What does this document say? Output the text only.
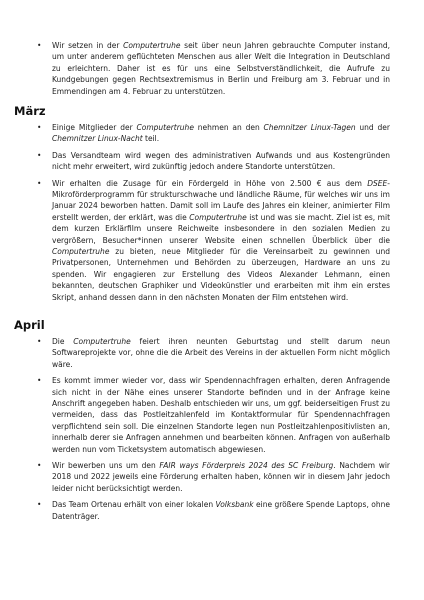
• Wir setzen in der Computertruhe seit über neun Jahren gebrauchte Computer instand, um unter anderem geflüchteten Menschen aus aller Welt die Integration in Deutschland zu erleichtern. Daher ist es für uns eine Selbstverständlichkeit, die Aufrufe zu Kundgebungen gegen Rechtsextremismus in Berlin und Freiburg am 3. Februar und in Emmendingen am 4. Februar zu unterstützen.
März
• Einige Mitglieder der Computertruhe nehmen an den Chemnitzer Linux-Tagen und der Chemnitzer Linux-Nacht teil.
• Das Versandteam wird wegen des administrativen Aufwands und aus Kostengründen nicht mehr erweitert, wird zukünftig jedoch andere Standorte unterstützen.
• Wir erhalten die Zusage für ein Fördergeld in Höhe von 2.500 € aus dem DSEE-Mikroförderprogramm für strukturschwache und ländliche Räume, für welches wir uns im Januar 2024 beworben hatten. Damit soll im Laufe des Jahres ein kleiner, animierter Film erstellt werden, der erklärt, was die Computertruhe ist und was sie macht. Ziel ist es, mit dem kurzen Erklärfilm unsere Reichweite insbesondere in den sozialen Medien zu vergrößern, Besucher*innen unserer Website einen schnellen Überblick über die Computertruhe zu bieten, neue Mitglieder für die Vereinsarbeit zu gewinnen und Privatpersonen, Unternehmen und Behörden zu überzeugen, Hardware an uns zu spenden. Wir engagieren zur Erstellung des Videos Alexander Lehmann, einen bekannten, deutschen Graphiker und Videokünstler und erarbeiten mit ihm ein erstes Skript, anhand dessen dann in den nächsten Monaten der Film entstehen wird.
April
• Die Computertruhe feiert ihren neunten Geburtstag und stellt darum neun Softwareprojekte vor, ohne die die Arbeit des Vereins in der aktuellen Form nicht möglich wäre.
• Es kommt immer wieder vor, dass wir Spendennachfragen erhalten, deren Anfragende sich nicht in der Nähe eines unserer Standorte befinden und in der Anfrage keine Anschrift angegeben haben. Deshalb entschieden wir uns, um ggf. beiderseitigen Frust zu vermeiden, dass das Postleitzahlenfeld im Kontaktformular für Spendennachfragen verpflichtend sein soll. Die einzelnen Standorte legen nun Postleitzahlenpositivlisten an, innerhalb derer sie Anfragen annehmen und bearbeiten können. Anfragen von außerhalb werden nun vom Ticketsystem automatisch abgewiesen.
• Wir bewerben uns um den FAIR ways Förderpreis 2024 des SC Freiburg. Nachdem wir 2018 und 2022 jeweils eine Förderung erhalten haben, können wir in diesem Jahr jedoch leider nicht berücksichtigt werden.
• Das Team Ortenau erhält von einer lokalen Volksbank eine größere Spende Laptops, ohne Datenträger.
